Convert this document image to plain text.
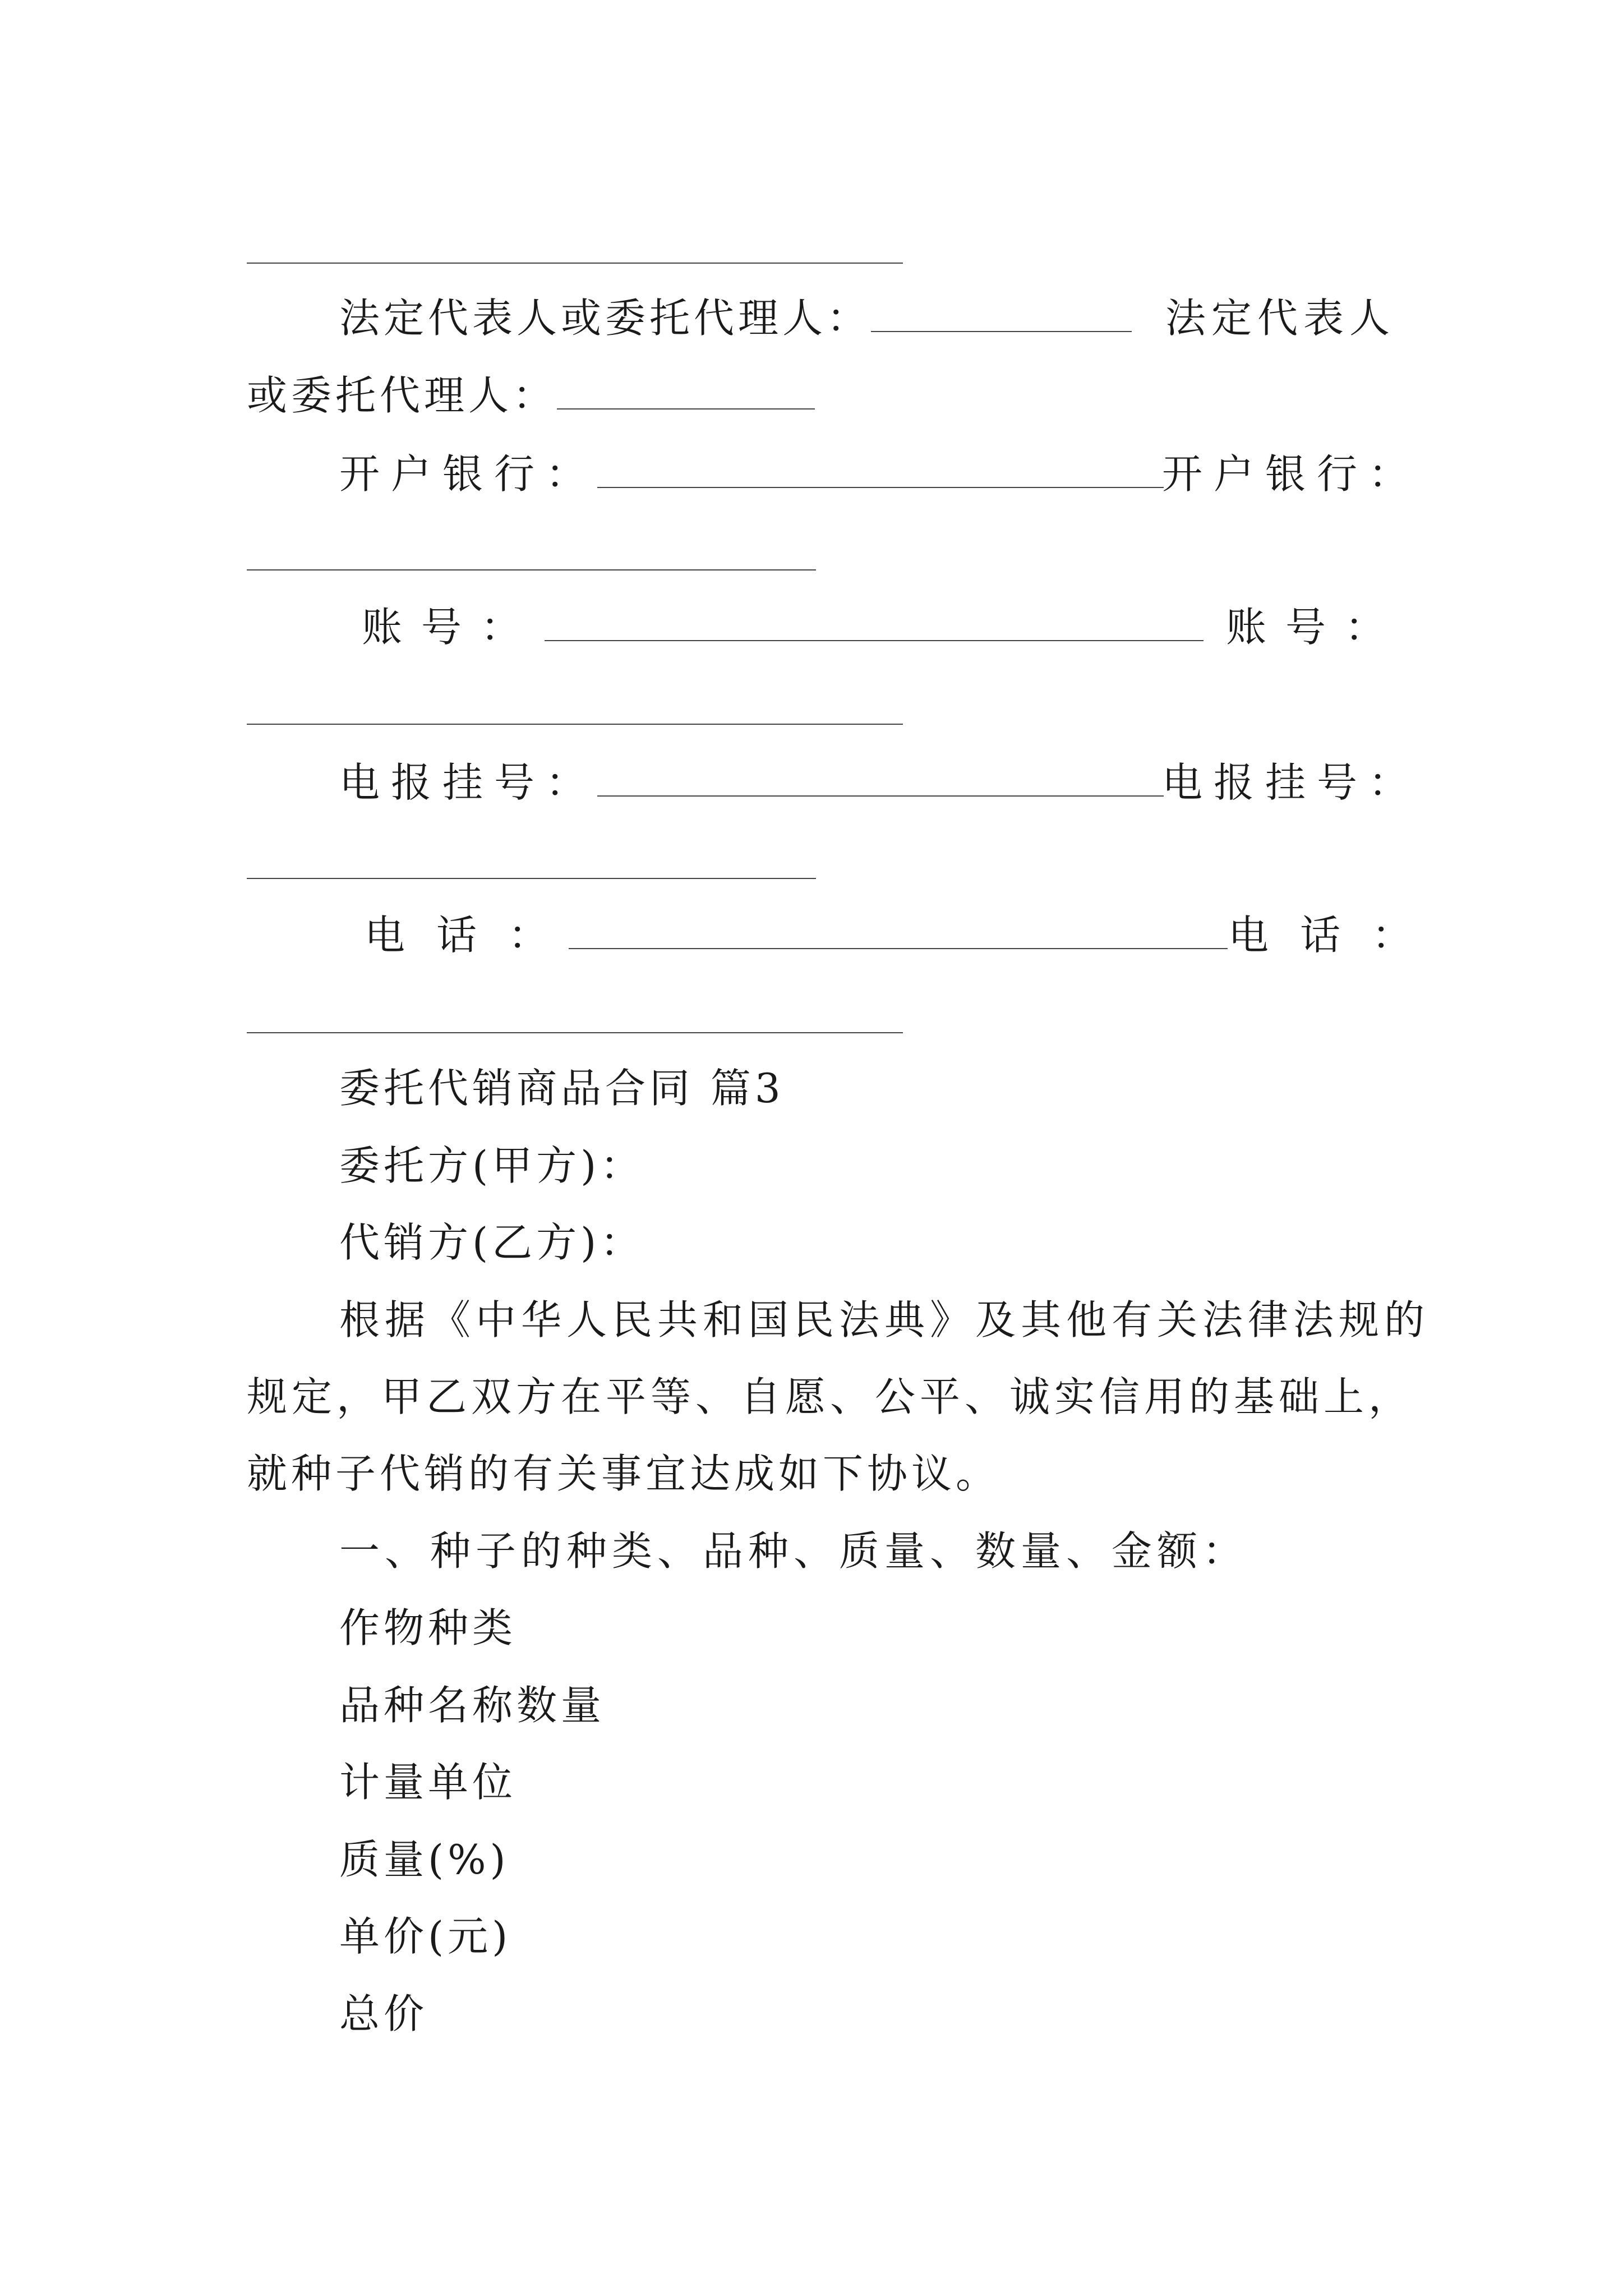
法定代表人或委托代理人：	法定代表人
或委托代理人：
开户银行：	开户银行：
账号：	账号：
电报挂号：	电报挂号：
电话：	电话：
委托代销商品合同 篇3
委托方(甲方)：
代销方(乙方)：
根据《中华人民共和国民法典》及其他有关法律法规的
规定，甲乙双方在平等、自愿、公平、诚实信用的基础上，
就种子代销的有关事宜达成如下协议。
一、种子的种类、品种、质量、数量、金额：
作物种类
品种名称数量
计量单位
质量(%)
单价(元)
总价
